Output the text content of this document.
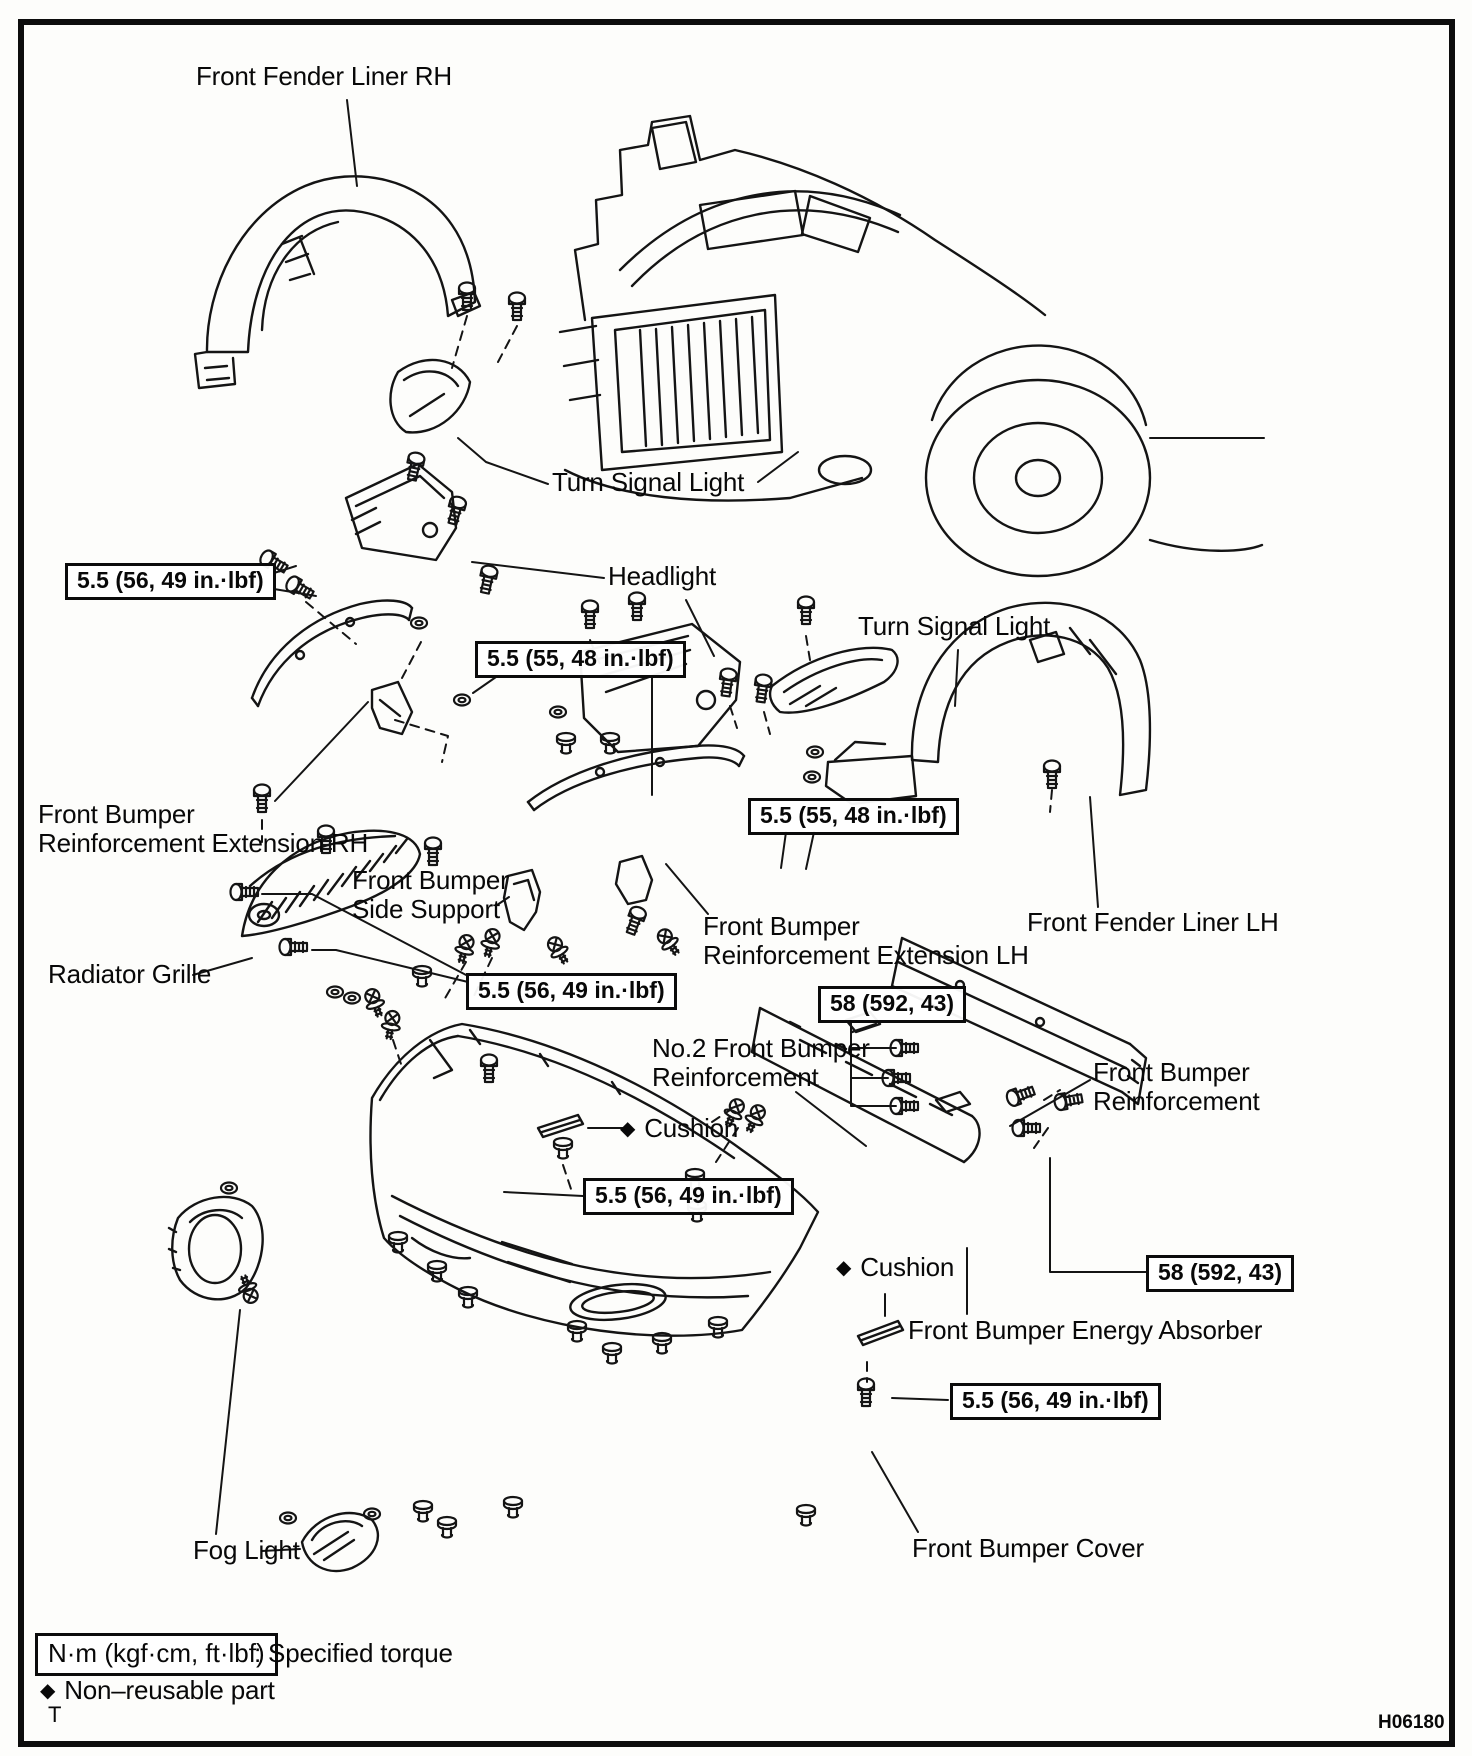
Front Fender Liner RH
Turn Signal Light
Headlight
Turn Signal Light
Front Bumper
Reinforcement Extension RH
Front Bumper
Side Support
Radiator Grille
Front Bumper
Reinforcement Extension LH
Front Fender Liner LH
No.2 Front Bumper
Reinforcement	Front Bumper
Reinforcement
◆ Cushion
◆ Cushion
Front Bumper Energy Absorber
Fog Light	Front Bumper Cover
5.5 (56, 49 in.·lbf)
5.5 (55, 48 in.·lbf)
5.5 (55, 48 in.·lbf)
5.5 (56, 49 in.·lbf)	58 (592, 43)
5.5 (56, 49 in.·lbf)
58 (592, 43)
5.5 (56, 49 in.·lbf)
N·m (kgf·cm, ft·lbf)
: Specified torque
◆ Non–reusable part
T	H06180
